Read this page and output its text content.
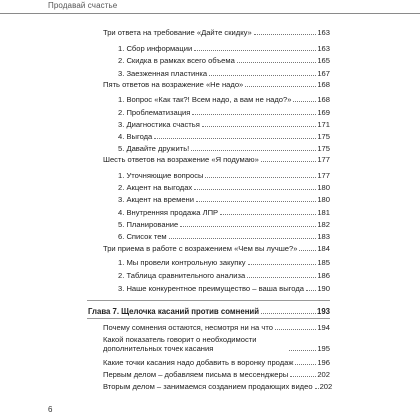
Продавай счастье
Три ответа на требование «Дайте скидку»	163
1. Сбор информации	163
2. Скидка в рамках всего объема	165
3. Заезженная пластинка	167
Пять ответов на возражение «Не надо»	168
1. Вопрос «Как так?! Всем надо, а вам не надо?»	168
2. Проблематизация	169
3. Диагностика счастья	171
4. Выгода	175
5. Давайте дружить!	175
Шесть ответов на возражение «Я подумаю»	177
1. Уточняющие вопросы	177
2. Акцент на выгодах	180
3. Акцент на времени	180
4. Внутренняя продажа ЛПР	181
5. Планирование	182
6. Список тем	183
Три приема в работе с возражением «Чем вы лучше?»	184
1. Мы провели контрольную закупку	185
2. Таблица сравнительного анализа	186
3. Наше конкурентное преимущество – ваша выгода 190
Глава 7. Щелочка касаний против сомнений	193
Почему сомнения остаются, несмотря ни на что	194
Какой показатель говорит о необходимости дополнительных точек касания	195
Какие точки касания надо добавить в воронку продаж	196
Первым делом – добавляем письма в мессенджеры	202
Вторым делом – занимаемся созданием продающих видео 202
6
